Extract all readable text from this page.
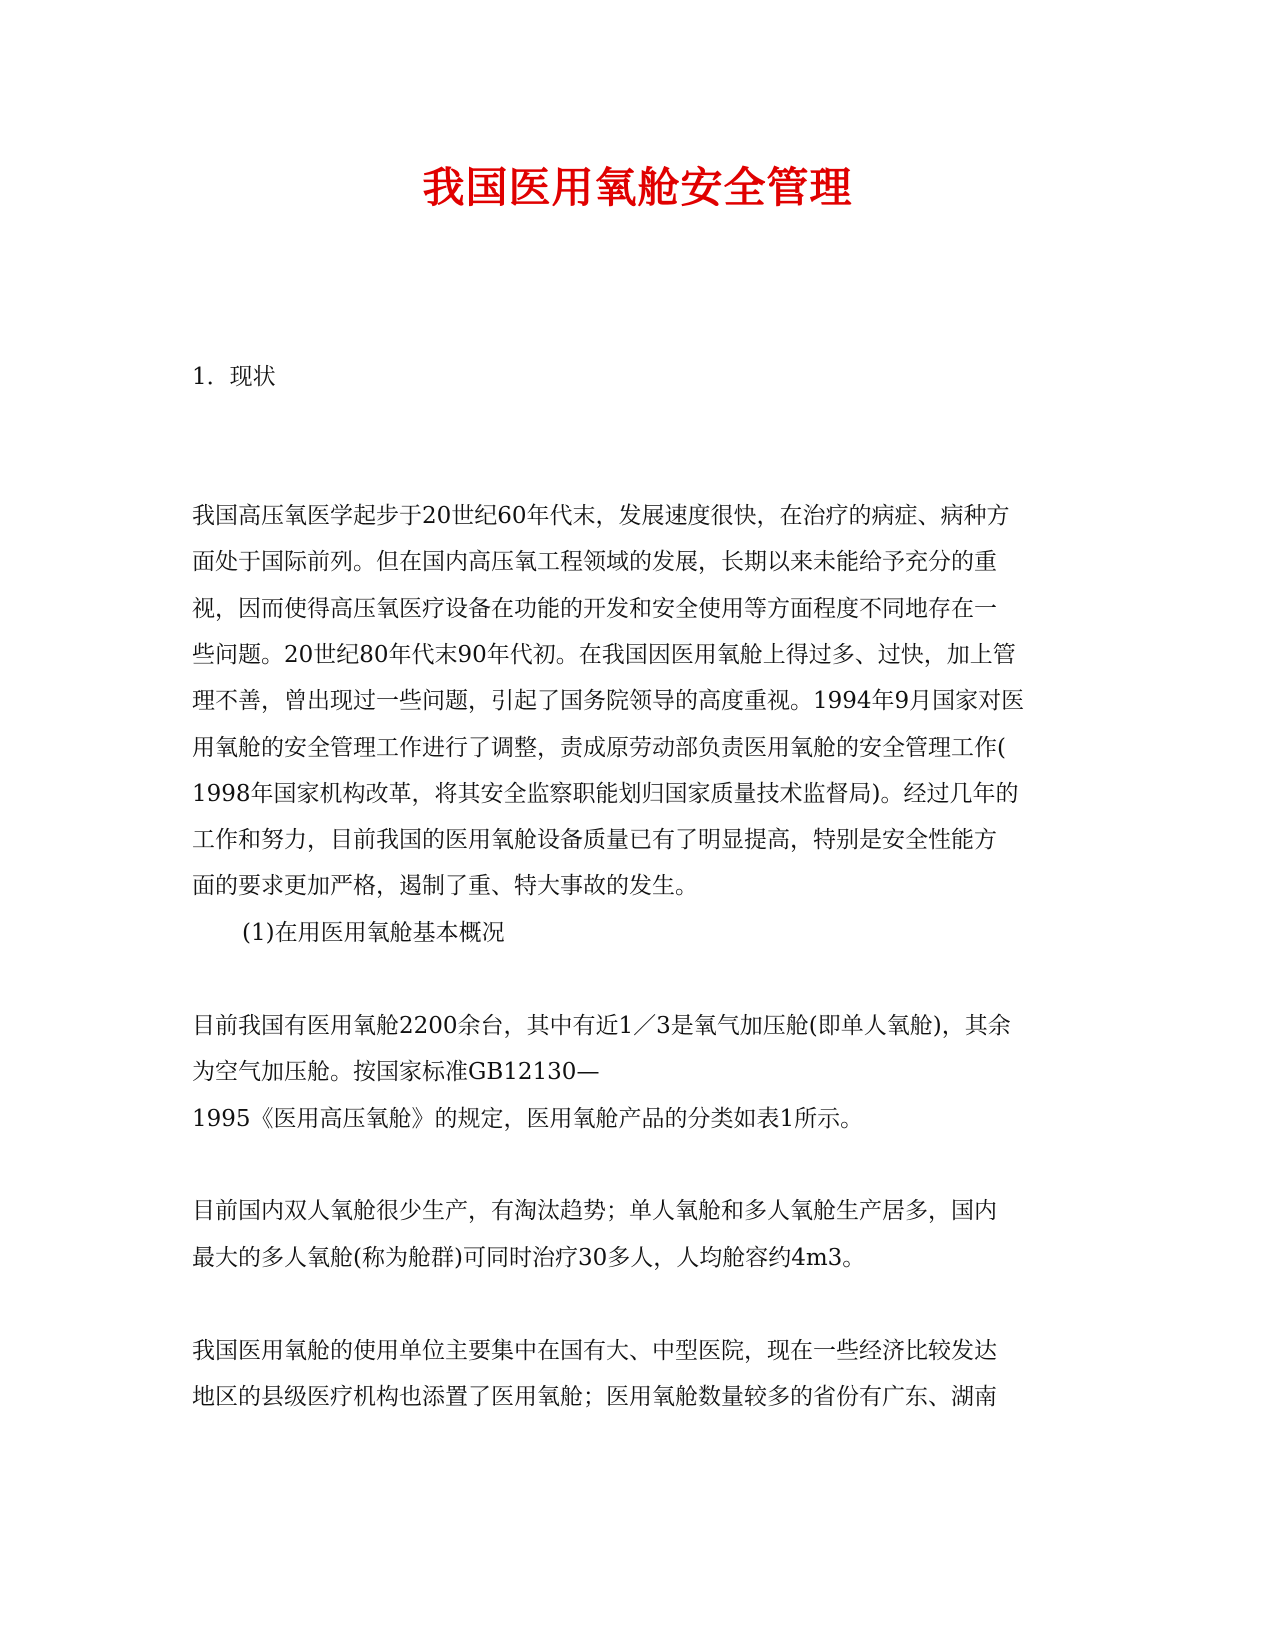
我国医用氧舱安全管理

1．现状

我国高压氧医学起步于20世纪60年代末，发展速度很快，在治疗的病症、病种方

面处于国际前列。但在国内高压氧工程领域的发展，长期以来未能给予充分的重

视，因而使得高压氧医疗设备在功能的开发和安全使用等方面程度不同地存在一

些问题。20世纪80年代末90年代初。在我国因医用氧舱上得过多、过快，加上管

理不善，曾出现过一些问题，引起了国务院领导的高度重视。1994年9月国家对医

用氧舱的安全管理工作进行了调整，责成原劳动部负责医用氧舱的安全管理工作(

1998年国家机构改革，将其安全监察职能划归国家质量技术监督局)。经过几年的

工作和努力，目前我国的医用氧舱设备质量已有了明显提高，特别是安全性能方

面的要求更加严格，遏制了重、特大事故的发生。

(1)在用医用氧舱基本概况

目前我国有医用氧舱2200余台，其中有近1／3是氧气加压舱(即单人氧舱)，其余

为空气加压舱。按国家标准GB12130—

1995《医用高压氧舱》的规定，医用氧舱产品的分类如表1所示。

目前国内双人氧舱很少生产，有淘汰趋势；单人氧舱和多人氧舱生产居多，国内

最大的多人氧舱(称为舱群)可同时治疗30多人，人均舱容约4m3。

我国医用氧舱的使用单位主要集中在国有大、中型医院，现在一些经济比较发达

地区的县级医疗机构也添置了医用氧舱；医用氧舱数量较多的省份有广东、湖南
